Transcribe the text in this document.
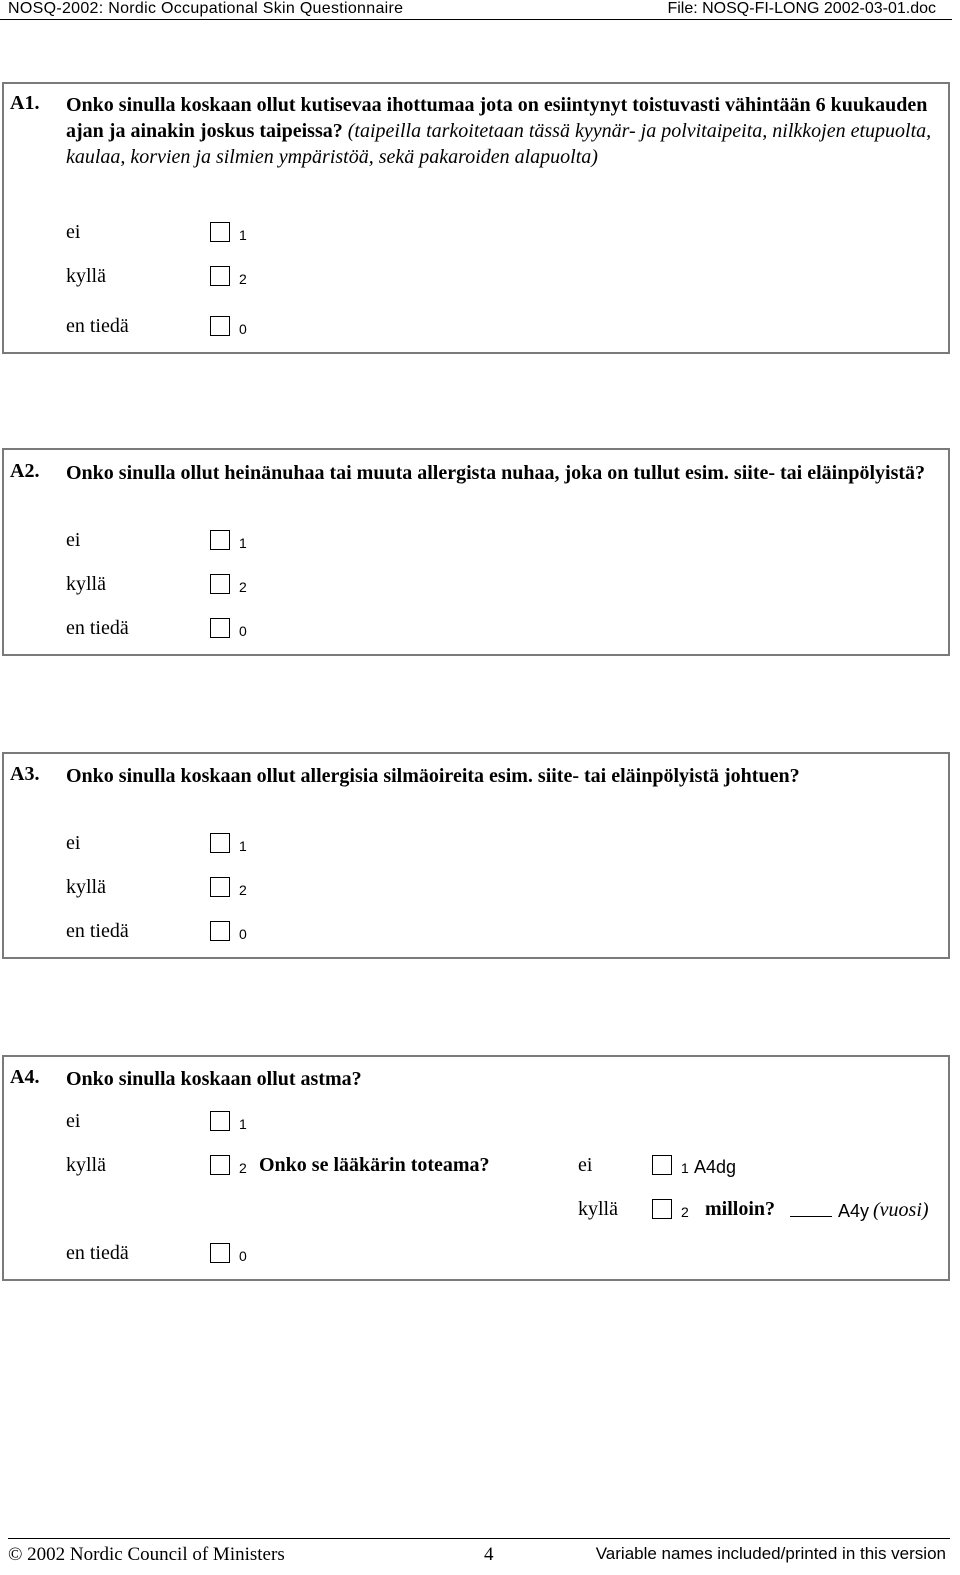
NOSQ-2002: Nordic Occupational Skin Questionnaire	File: NOSQ-FI-LONG 2002-03-01.doc
A1. Onko sinulla koskaan ollut kutisevaa ihottumaa jota on esiintynyt toistuvasti vähintään 6 kuukauden ajan ja ainakin joskus taipeissa? (taipeilla tarkoitetaan tässä kyynär- ja polvitaipeita, nilkkojen etupuolta, kaulaa, korvien ja silmien ympäristöä, sekä pakaroiden alapuolta)
ei	1
kyllä	2
en tiedä	0
A2. Onko sinulla ollut heinänuhaa tai muuta allergista nuhaa, joka on tullut esim. siite- tai eläinpölyistä?
ei	1
kyllä	2
en tiedä	0
A3. Onko sinulla koskaan ollut allergisia silmäoireita esim. siite- tai eläinpölyistä johtuen?
ei	1
kyllä	2
en tiedä	0
A4. Onko sinulla koskaan ollut astma?
ei	1
kyllä	2 Onko se lääkärin toteama?	ei	1 A4dg
kyllä	2 milloin?	A4y (vuosi)
en tiedä	0
© 2002 Nordic Council of Ministers	4	Variable names included/printed in this version
